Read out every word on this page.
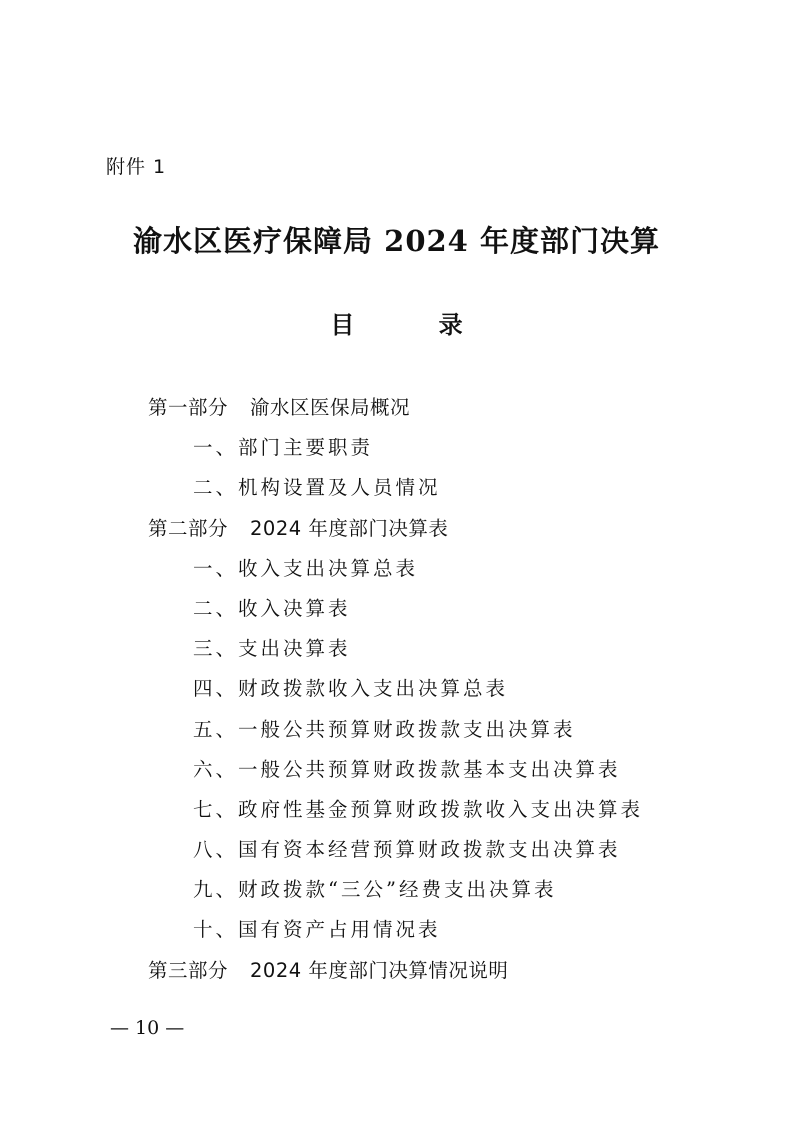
附件 1
渝水区医疗保障局 2024 年度部门决算
目 录
第一部分 渝水区医保局概况
一、部门主要职责
二、机构设置及人员情况
第二部分 2024 年度部门决算表
一、收入支出决算总表
二、收入决算表
三、支出决算表
四、财政拨款收入支出决算总表
五、一般公共预算财政拨款支出决算表
六、一般公共预算财政拨款基本支出决算表
七、政府性基金预算财政拨款收入支出决算表
八、国有资本经营预算财政拨款支出决算表
九、财政拨款“三公”经费支出决算表
十、国有资产占用情况表
第三部分 2024 年度部门决算情况说明
— 10 —
